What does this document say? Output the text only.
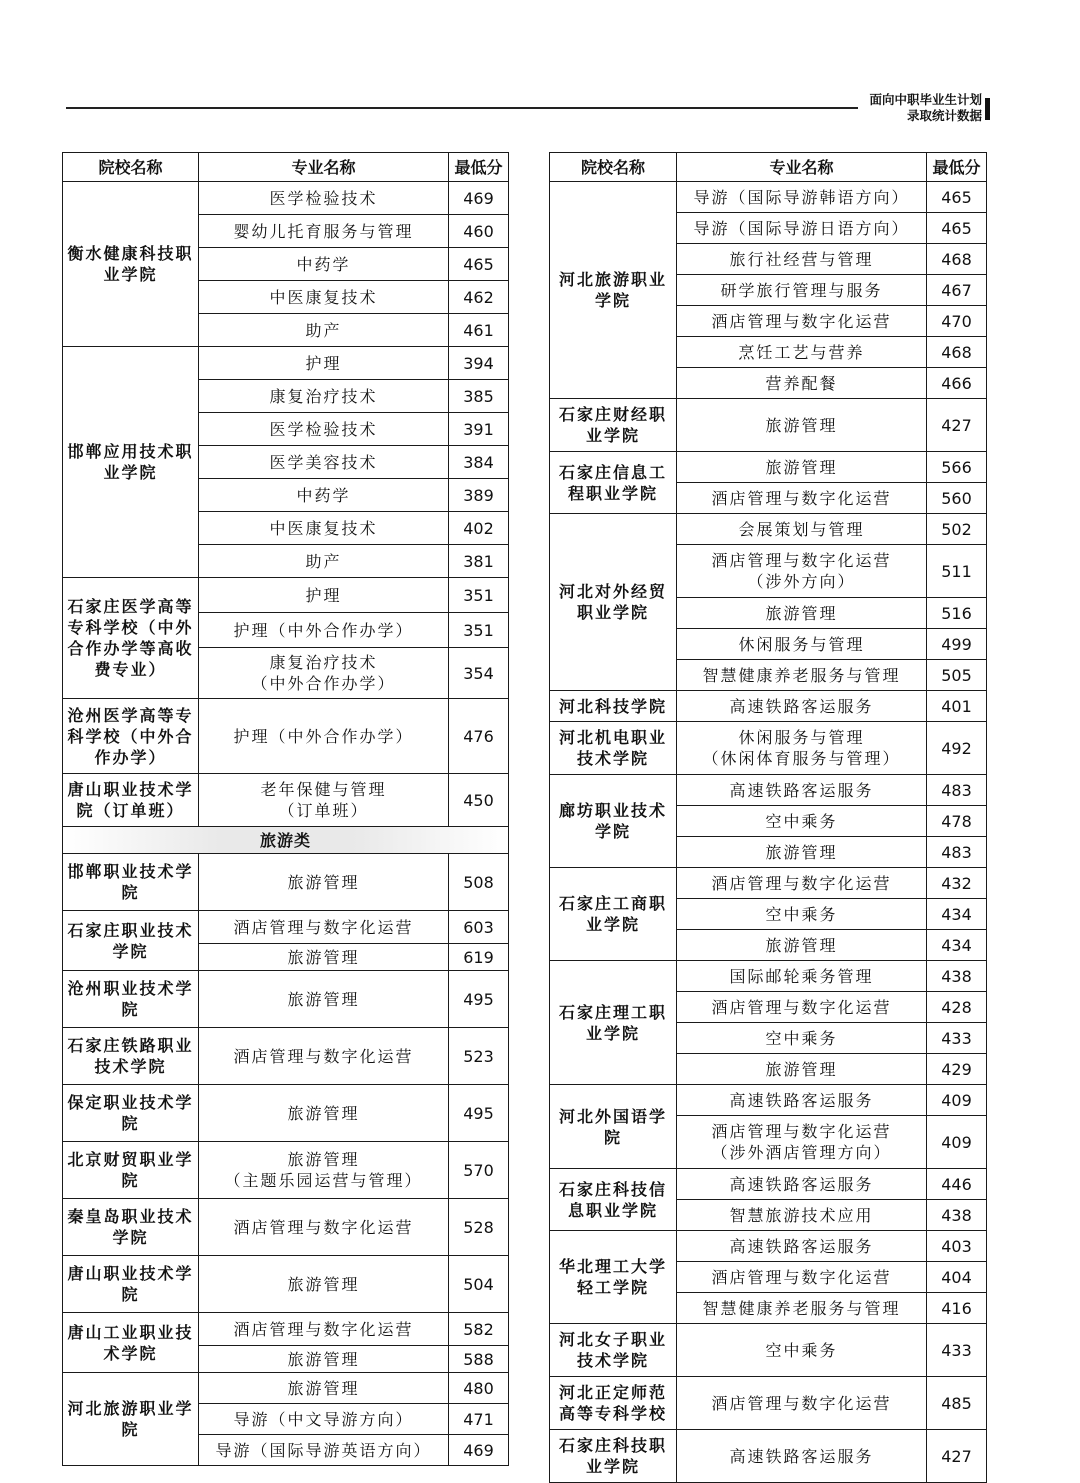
面向中职毕业生计划
录取统计数据
院校名称	专业名称	最低分
衡水健康科技职业学院	医学检验技术	469
	婴幼儿托育服务与管理	460
	中药学	465
	中医康复技术	462
	助产	461
邯郸应用技术职业学院	护理	394
	康复治疗技术	385
	医学检验技术	391
	医学美容技术	384
	中药学	389
	中医康复技术	402
	助产	381
石家庄医学高等专科学校（中外合作办学等高收费专业）	护理	351
	护理（中外合作办学）	351
	康复治疗技术
（中外合作办学）	354
沧州医学高等专科学校（中外合作办学）	护理（中外合作办学）	476
唐山职业技术学院（订单班）	老年保健与管理
（订单班）	450
旅游类		
邯郸职业技术学院	旅游管理	508
石家庄职业技术学院	酒店管理与数字化运营	603
	旅游管理	619
沧州职业技术学院	旅游管理	495
石家庄铁路职业技术学院	酒店管理与数字化运营	523
保定职业技术学院	旅游管理	495
北京财贸职业学院	旅游管理
（主题乐园运营与管理）	570
秦皇岛职业技术学院	酒店管理与数字化运营	528
唐山职业技术学院	旅游管理	504
唐山工业职业技术学院	酒店管理与数字化运营	582
	旅游管理	588
河北旅游职业学院	旅游管理	480
	导游（中文导游方向）	471
	导游（国际导游英语方向）	469
院校名称	专业名称	最低分
河北旅游职业学院	导游（国际导游韩语方向）	465
	导游（国际导游日语方向）	465
	旅行社经营与管理	468
	研学旅行管理与服务	467
	酒店管理与数字化运营	470
	烹饪工艺与营养	468
	营养配餐	466
石家庄财经职业学院	旅游管理	427
石家庄信息工程职业学院	旅游管理	566
	酒店管理与数字化运营	560
河北对外经贸职业学院	会展策划与管理	502
	酒店管理与数字化运营
（涉外方向）	511
	旅游管理	516
	休闲服务与管理	499
	智慧健康养老服务与管理	505
河北科技学院	高速铁路客运服务	401
河北机电职业技术学院	休闲服务与管理
（休闲体育服务与管理）	492
廊坊职业技术学院	高速铁路客运服务	483
	空中乘务	478
	旅游管理	483
石家庄工商职业学院	酒店管理与数字化运营	432
	空中乘务	434
	旅游管理	434
石家庄理工职业学院	国际邮轮乘务管理	438
	酒店管理与数字化运营	428
	空中乘务	433
	旅游管理	429
河北外国语学院	高速铁路客运服务	409
	酒店管理与数字化运营
（涉外酒店管理方向）	409
石家庄科技信息职业学院	高速铁路客运服务	446
	智慧旅游技术应用	438
华北理工大学轻工学院	高速铁路客运服务	403
	酒店管理与数字化运营	404
	智慧健康养老服务与管理	416
河北女子职业技术学院	空中乘务	433
河北正定师范高等专科学校	酒店管理与数字化运营	485
石家庄科技职业学院	高速铁路客运服务	427
